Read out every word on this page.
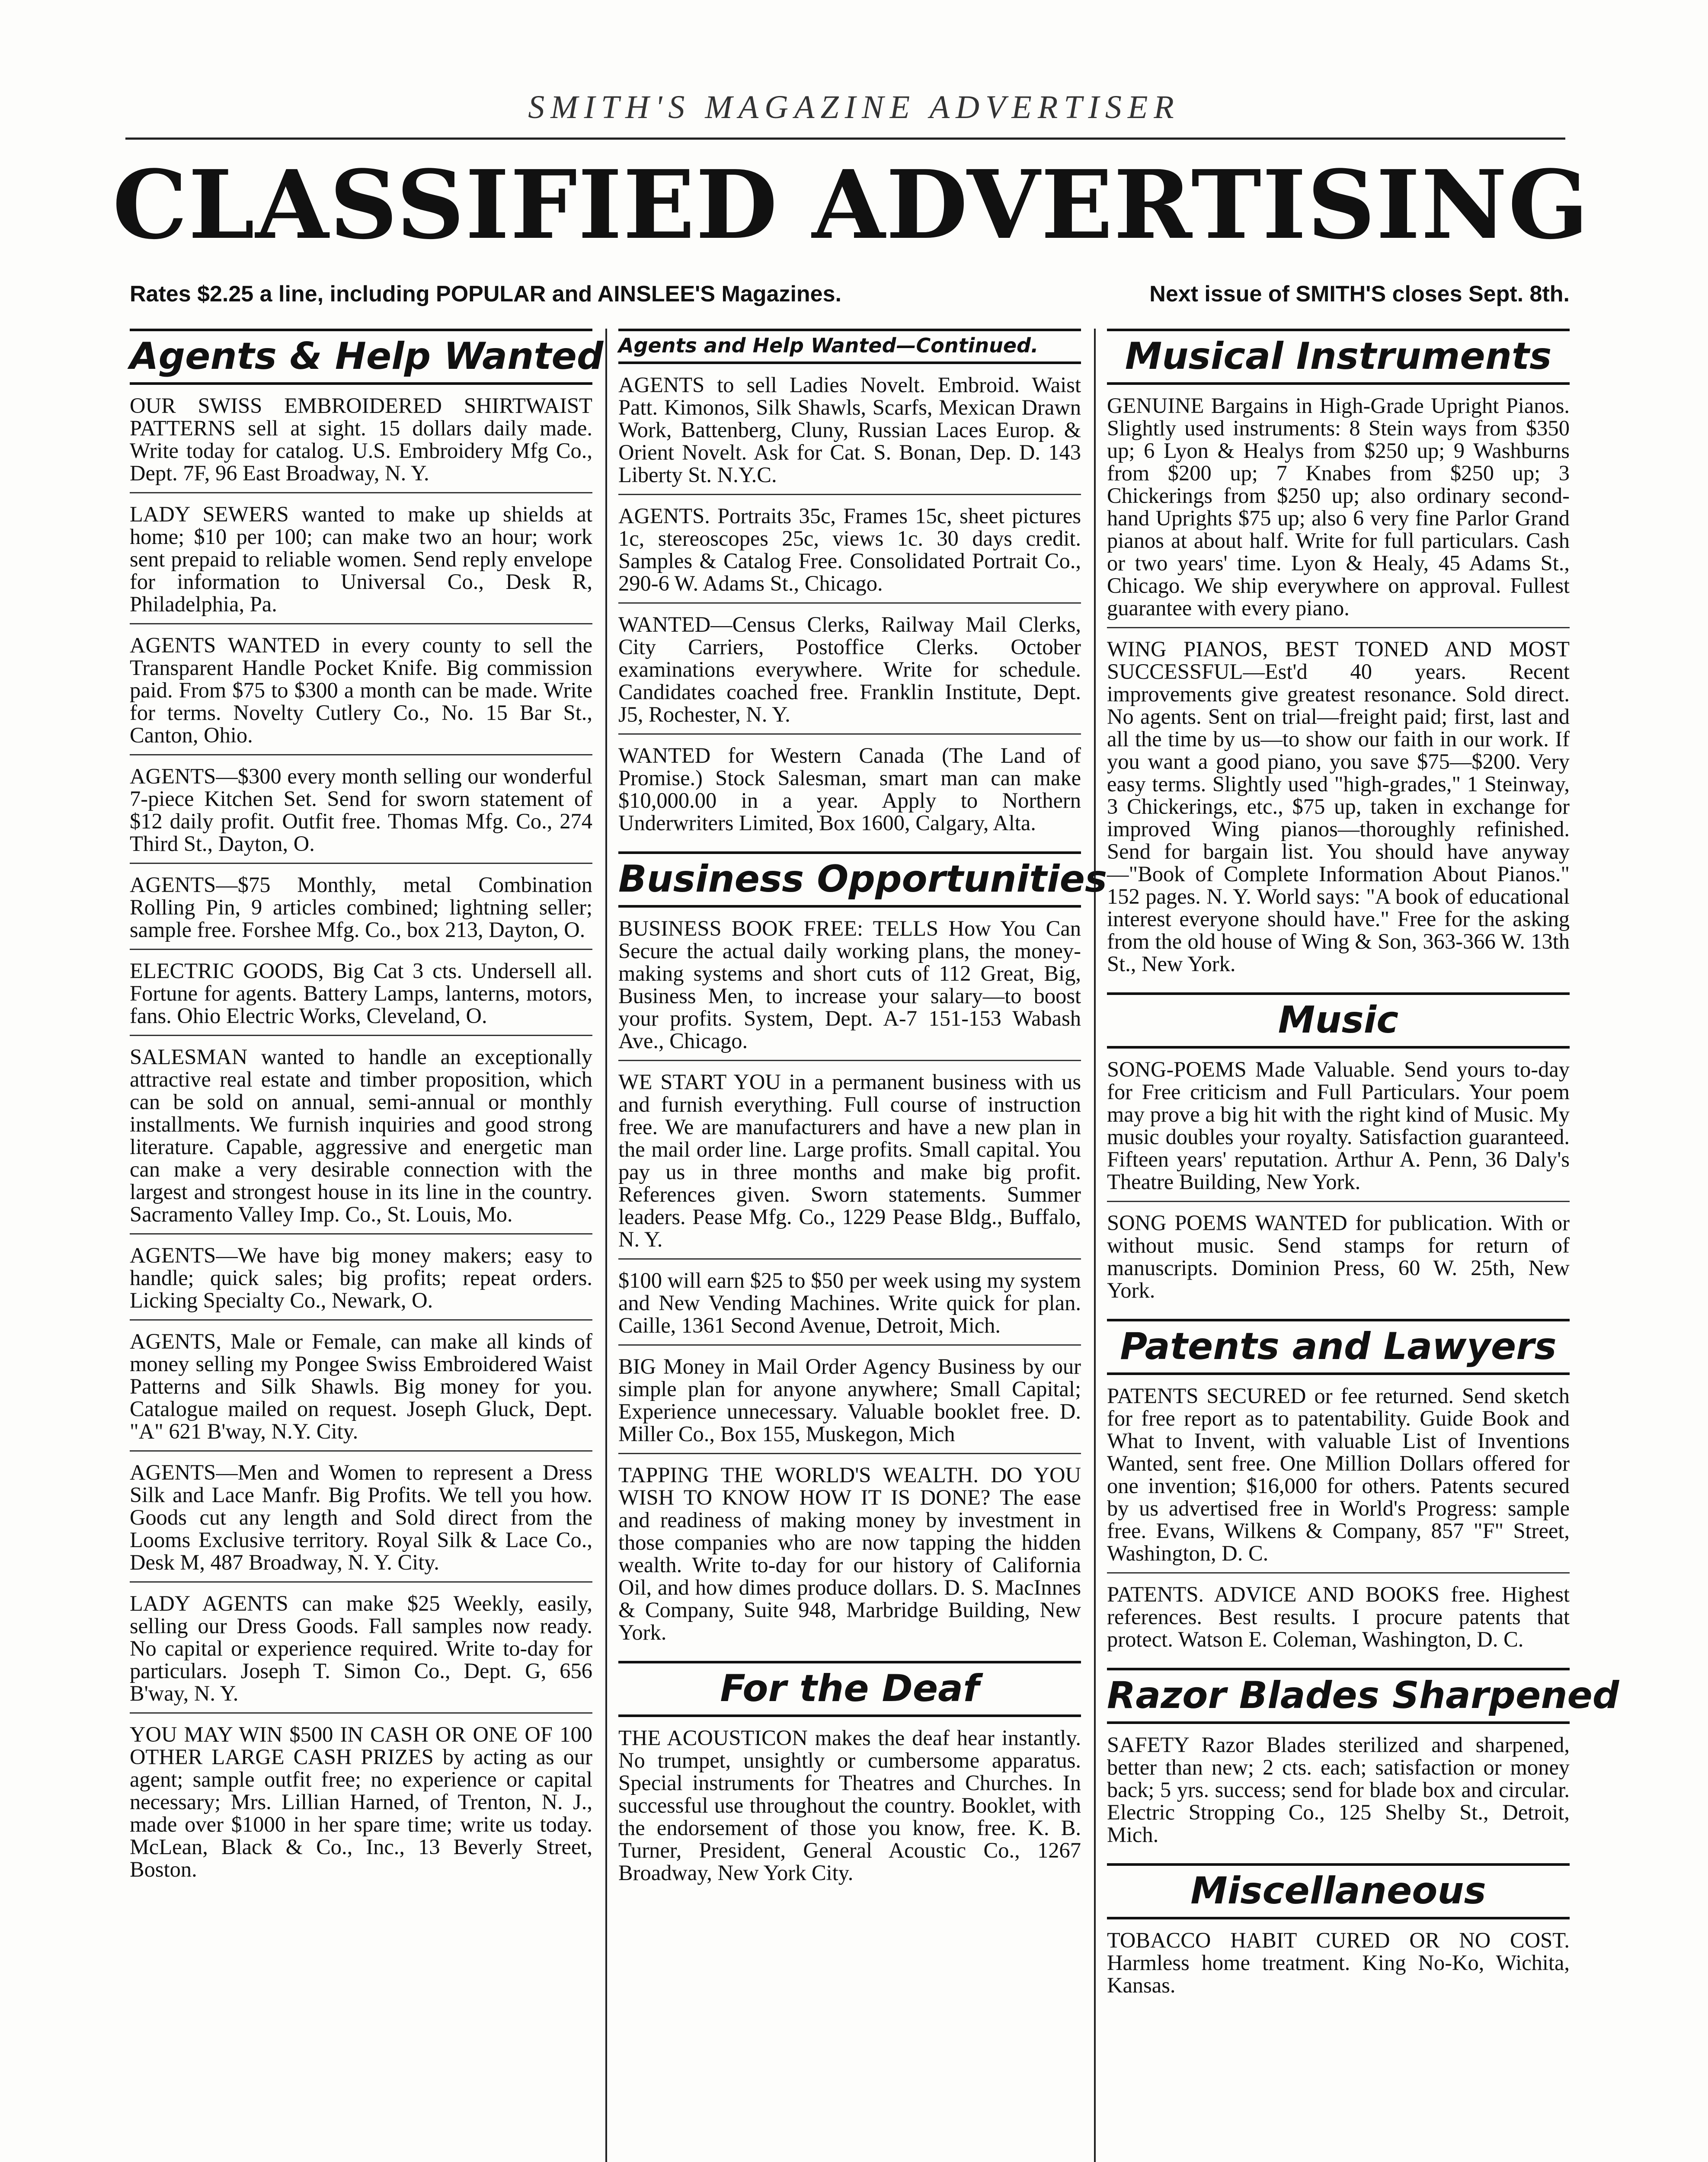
SMITH'S MAGAZINE ADVERTISER
CLASSIFIED ADVERTISING
Rates $2.25 a line, including POPULAR and AINSLEE'S Magazines.	Next issue of SMITH'S closes Sept. 8th.
Agents & Help Wanted
OUR SWISS EMBROIDERED SHIRTWAIST PATTERNS sell at sight. 15 dollars daily made. Write today for catalog. U.S. Embroidery Mfg Co., Dept. 7F, 96 East Broadway, N. Y.
LADY SEWERS wanted to make up shields at home; $10 per 100; can make two an hour; work sent prepaid to reliable women. Send reply envelope for information to Universal Co., Desk R, Philadelphia, Pa.
AGENTS WANTED in every county to sell the Transparent Handle Pocket Knife. Big commission paid. From $75 to $300 a month can be made. Write for terms. Novelty Cutlery Co., No. 15 Bar St., Canton, Ohio.
AGENTS—$300 every month selling our wonderful 7-piece Kitchen Set. Send for sworn statement of $12 daily profit. Outfit free. Thomas Mfg. Co., 274 Third St., Dayton, O.
AGENTS—$75 Monthly, metal Combination Rolling Pin, 9 articles combined; lightning seller; sample free. Forshee Mfg. Co., box 213, Dayton, O.
ELECTRIC GOODS, Big Cat 3 cts. Undersell all. Fortune for agents. Battery Lamps, lanterns, motors, fans. Ohio Electric Works, Cleveland, O.
SALESMAN wanted to handle an exceptionally attractive real estate and timber proposition, which can be sold on annual, semi-annual or monthly installments. We furnish inquiries and good strong literature. Capable, aggressive and energetic man can make a very desirable connection with the largest and strongest house in its line in the country. Sacramento Valley Imp. Co., St. Louis, Mo.
AGENTS—We have big money makers; easy to handle; quick sales; big profits; repeat orders. Licking Specialty Co., Newark, O.
AGENTS, Male or Female, can make all kinds of money selling my Pongee Swiss Embroidered Waist Patterns and Silk Shawls. Big money for you. Catalogue mailed on request. Joseph Gluck, Dept. "A" 621 B'way, N.Y. City.
AGENTS—Men and Women to represent a Dress Silk and Lace Manfr. Big Profits. We tell you how. Goods cut any length and Sold direct from the Looms Exclusive territory. Royal Silk & Lace Co., Desk M, 487 Broadway, N. Y. City.
LADY AGENTS can make $25 Weekly, easily, selling our Dress Goods. Fall samples now ready. No capital or experience required. Write to-day for particulars. Joseph T. Simon Co., Dept. G, 656 B'way, N. Y.
YOU MAY WIN $500 IN CASH OR ONE OF 100 OTHER LARGE CASH PRIZES by acting as our agent; sample outfit free; no experience or capital necessary; Mrs. Lillian Harned, of Trenton, N. J., made over $1000 in her spare time; write us today. McLean, Black & Co., Inc., 13 Beverly Street, Boston.
Agents and Help Wanted—Continued.
AGENTS to sell Ladies Novelt. Embroid. Waist Patt. Kimonos, Silk Shawls, Scarfs, Mexican Drawn Work, Battenberg, Cluny, Russian Laces Europ. & Orient Novelt. Ask for Cat. S. Bonan, Dep. D. 143 Liberty St. N.Y.C.
AGENTS. Portraits 35c, Frames 15c, sheet pictures 1c, stereoscopes 25c, views 1c. 30 days credit. Samples & Catalog Free. Consolidated Portrait Co., 290-6 W. Adams St., Chicago.
WANTED—Census Clerks, Railway Mail Clerks, City Carriers, Postoffice Clerks. October examinations everywhere. Write for schedule. Candidates coached free. Franklin Institute, Dept. J5, Rochester, N. Y.
WANTED for Western Canada (The Land of Promise.) Stock Salesman, smart man can make $10,000.00 in a year. Apply to Northern Underwriters Limited, Box 1600, Calgary, Alta.
Business Opportunities
BUSINESS BOOK FREE: TELLS How You Can Secure the actual daily working plans, the money-making systems and short cuts of 112 Great, Big, Business Men, to increase your salary—to boost your profits. System, Dept. A-7 151-153 Wabash Ave., Chicago.
WE START YOU in a permanent business with us and furnish everything. Full course of instruction free. We are manufacturers and have a new plan in the mail order line. Large profits. Small capital. You pay us in three months and make big profit. References given. Sworn statements. Summer leaders. Pease Mfg. Co., 1229 Pease Bldg., Buffalo, N. Y.
$100 will earn $25 to $50 per week using my system and New Vending Machines. Write quick for plan. Caille, 1361 Second Avenue, Detroit, Mich.
BIG Money in Mail Order Agency Business by our simple plan for anyone anywhere; Small Capital; Experience unnecessary. Valuable booklet free. D. Miller Co., Box 155, Muskegon, Mich
TAPPING THE WORLD'S WEALTH. DO YOU WISH TO KNOW HOW IT IS DONE? The ease and readiness of making money by investment in those companies who are now tapping the hidden wealth. Write to-day for our history of California Oil, and how dimes produce dollars. D. S. MacInnes & Company, Suite 948, Marbridge Building, New York.
For the Deaf
THE ACOUSTICON makes the deaf hear instantly. No trumpet, unsightly or cumbersome apparatus. Special instruments for Theatres and Churches. In successful use throughout the country. Booklet, with the endorsement of those you know, free. K. B. Turner, President, General Acoustic Co., 1267 Broadway, New York City.
Musical Instruments
GENUINE Bargains in High-Grade Upright Pianos. Slightly used instruments: 8 Stein ways from $350 up; 6 Lyon & Healys from $250 up; 9 Washburns from $200 up; 7 Knabes from $250 up; 3 Chickerings from $250 up; also ordinary second-hand Uprights $75 up; also 6 very fine Parlor Grand pianos at about half. Write for full particulars. Cash or two years' time. Lyon & Healy, 45 Adams St., Chicago. We ship everywhere on approval. Fullest guarantee with every piano.
WING PIANOS, BEST TONED AND MOST SUCCESSFUL—Est'd 40 years. Recent improvements give greatest resonance. Sold direct. No agents. Sent on trial—freight paid; first, last and all the time by us—to show our faith in our work. If you want a good piano, you save $75—$200. Very easy terms. Slightly used "high-grades," 1 Steinway, 3 Chickerings, etc., $75 up, taken in exchange for improved Wing pianos—thoroughly refinished. Send for bargain list. You should have anyway—"Book of Complete Information About Pianos." 152 pages. N. Y. World says: "A book of educational interest everyone should have." Free for the asking from the old house of Wing & Son, 363-366 W. 13th St., New York.
Music
SONG-POEMS Made Valuable. Send yours to-day for Free criticism and Full Particulars. Your poem may prove a big hit with the right kind of Music. My music doubles your royalty. Satisfaction guaranteed. Fifteen years' reputation. Arthur A. Penn, 36 Daly's Theatre Building, New York.
SONG POEMS WANTED for publication. With or without music. Send stamps for return of manuscripts. Dominion Press, 60 W. 25th, New York.
Patents and Lawyers
PATENTS SECURED or fee returned. Send sketch for free report as to patentability. Guide Book and What to Invent, with valuable List of Inventions Wanted, sent free. One Million Dollars offered for one invention; $16,000 for others. Patents secured by us advertised free in World's Progress: sample free. Evans, Wilkens & Company, 857 "F" Street, Washington, D. C.
PATENTS. ADVICE AND BOOKS free. Highest references. Best results. I procure patents that protect. Watson E. Coleman, Washington, D. C.
Razor Blades Sharpened
SAFETY Razor Blades sterilized and sharpened, better than new; 2 cts. each; satisfaction or money back; 5 yrs. success; send for blade box and circular. Electric Stropping Co., 125 Shelby St., Detroit, Mich.
Miscellaneous
TOBACCO HABIT CURED OR NO COST. Harmless home treatment. King No-Ko, Wichita, Kansas.
